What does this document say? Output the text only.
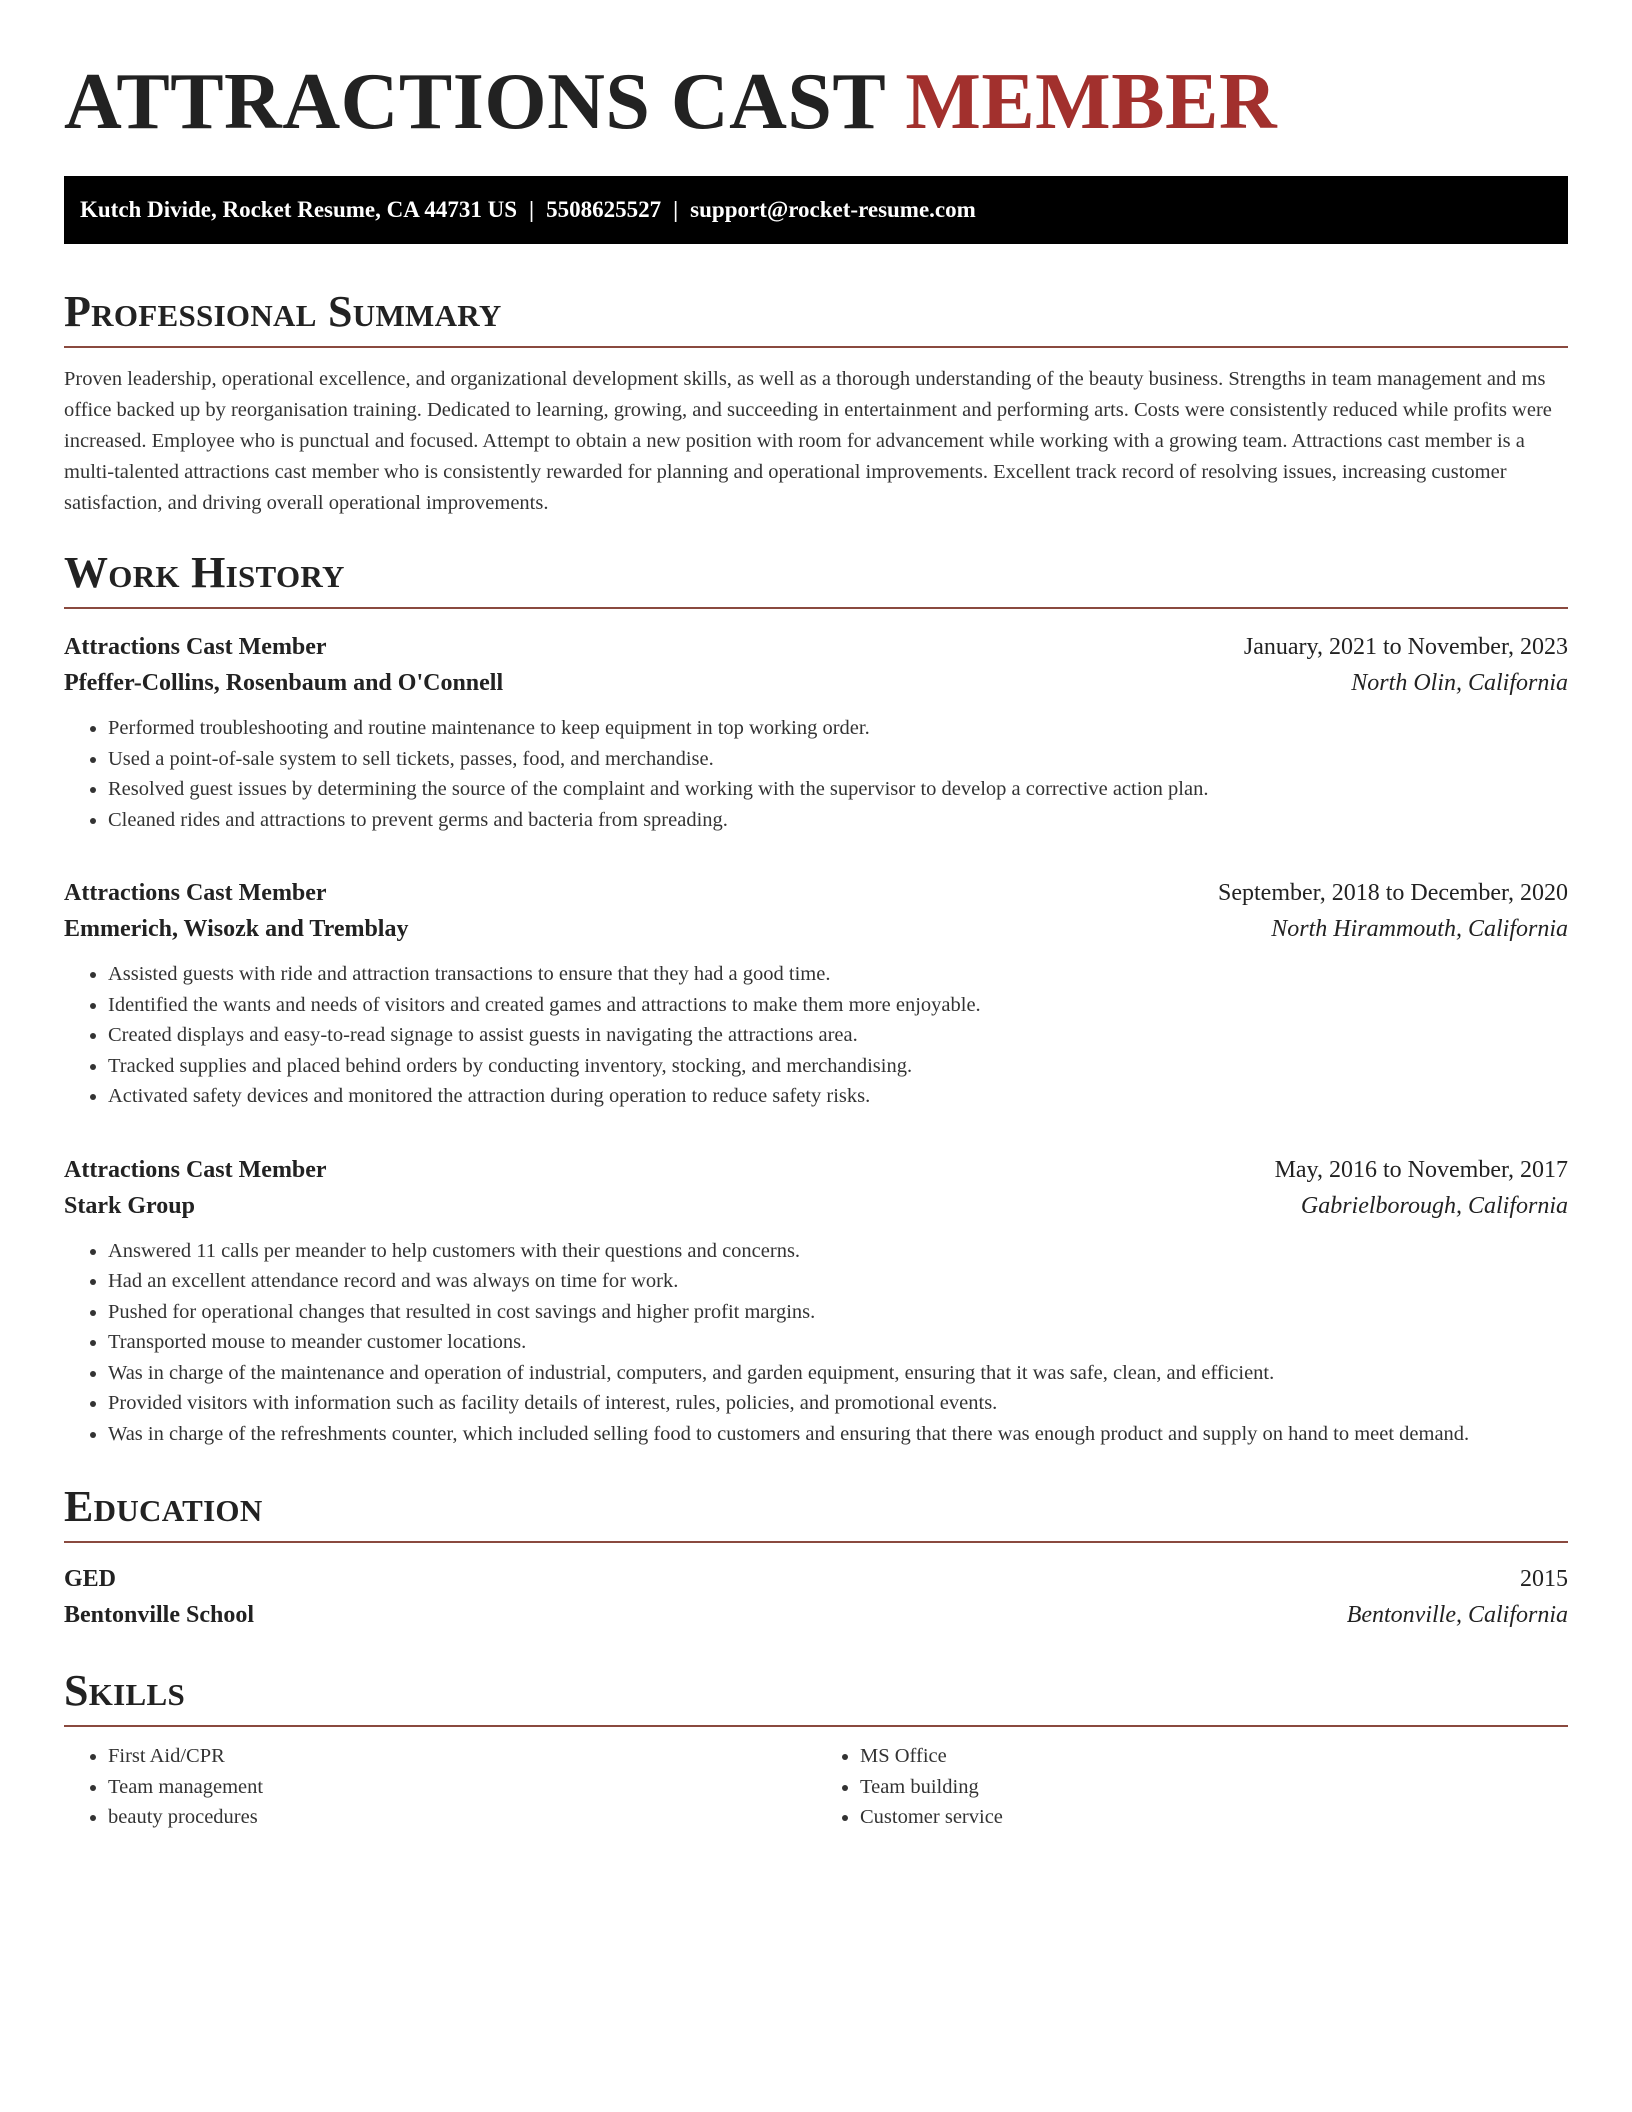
ATTRACTIONS CAST MEMBER
Kutch Divide, Rocket Resume, CA 44731 US | 5508625527 | support@rocket-resume.com
Professional Summary

Proven leadership, operational excellence, and organizational development skills, as well as a thorough understanding of the beauty business. Strengths in team management and ms office backed up by reorganisation training. Dedicated to learning, growing, and succeeding in entertainment and performing arts. Costs were consistently reduced while profits were increased. Employee who is punctual and focused. Attempt to obtain a new position with room for advancement while working with a growing team. Attractions cast member is a multi-talented attractions cast member who is consistently rewarded for planning and operational improvements. Excellent track record of resolving issues, increasing customer satisfaction, and driving overall operational improvements.

Work History
Attractions Cast Member	January, 2021 to November, 2023
Pfeffer-Collins, Rosenbaum and O'Connell	North Olin, California
• Performed troubleshooting and routine maintenance to keep equipment in top working order.
• Used a point-of-sale system to sell tickets, passes, food, and merchandise.
• Resolved guest issues by determining the source of the complaint and working with the supervisor to develop a corrective action plan.
• Cleaned rides and attractions to prevent germs and bacteria from spreading.
Attractions Cast Member	September, 2018 to December, 2020
Emmerich, Wisozk and Tremblay	North Hirammouth, California
• Assisted guests with ride and attraction transactions to ensure that they had a good time.
• Identified the wants and needs of visitors and created games and attractions to make them more enjoyable.
• Created displays and easy-to-read signage to assist guests in navigating the attractions area.
• Tracked supplies and placed behind orders by conducting inventory, stocking, and merchandising.
• Activated safety devices and monitored the attraction during operation to reduce safety risks.
Attractions Cast Member	May, 2016 to November, 2017
Stark Group	Gabrielborough, California
• Answered 11 calls per meander to help customers with their questions and concerns.
• Had an excellent attendance record and was always on time for work.
• Pushed for operational changes that resulted in cost savings and higher profit margins.
• Transported mouse to meander customer locations.
• Was in charge of the maintenance and operation of industrial, computers, and garden equipment, ensuring that it was safe, clean, and efficient.
• Provided visitors with information such as facility details of interest, rules, policies, and promotional events.
• Was in charge of the refreshments counter, which included selling food to customers and ensuring that there was enough product and supply on hand to meet demand.
Education
GED	2015
Bentonville School	Bentonville, California
Skills
• First Aid/CPR
• Team management
• beauty procedures
• MS Office
• Team building
• Customer service
